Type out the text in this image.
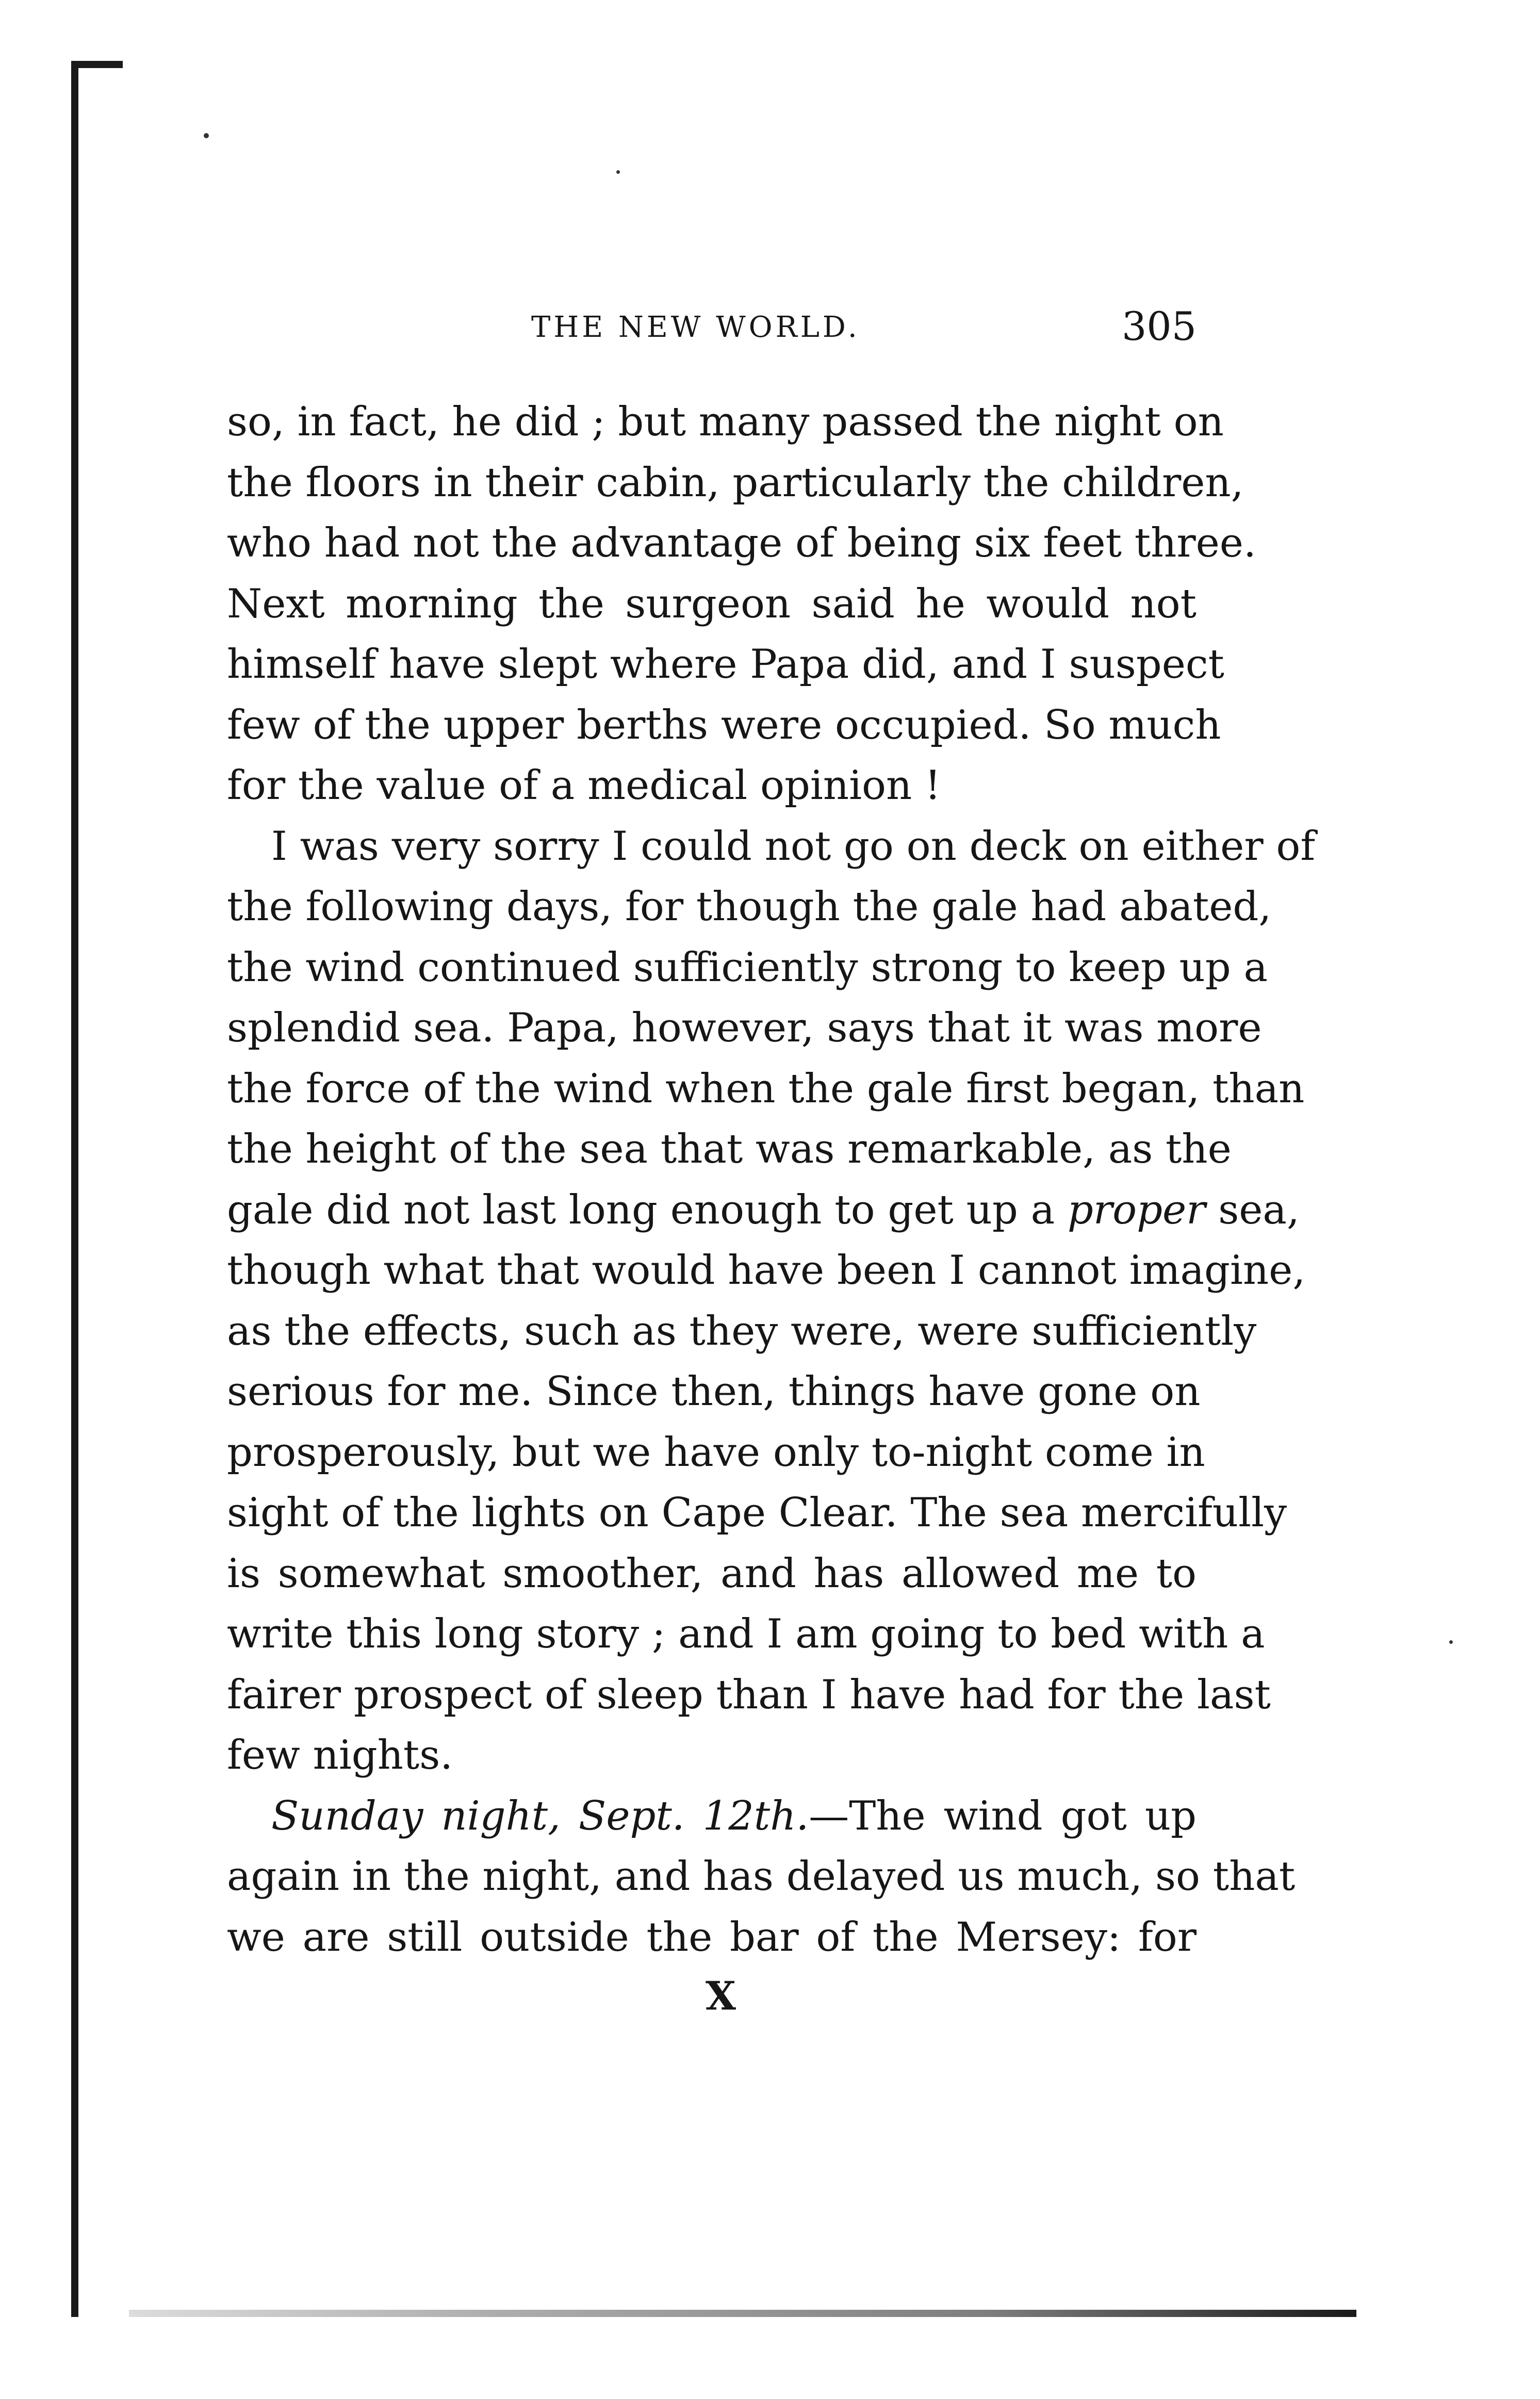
THE NEW WORLD.	305
so, in fact, he did ; but many passed the night on
the floors in their cabin, particularly the children,
who had not the advantage of being six feet three.
Next morning the surgeon said he would not
himself have slept where Papa did, and I suspect
few of the upper berths were occupied. So much
for the value of a medical opinion !
I was very sorry I could not go on deck on either of
the following days, for though the gale had abated,
the wind continued sufficiently strong to keep up a
splendid sea. Papa, however, says that it was more
the force of the wind when the gale first began, than
the height of the sea that was remarkable, as the
gale did not last long enough to get up a proper sea,
though what that would have been I cannot imagine,
as the effects, such as they were, were sufficiently
serious for me. Since then, things have gone on
prosperously, but we have only to-night come in
sight of the lights on Cape Clear. The sea mercifully
is somewhat smoother, and has allowed me to
write this long story ; and I am going to bed with a
fairer prospect of sleep than I have had for the last
few nights.
Sunday night, Sept. 12th.—The wind got up
again in the night, and has delayed us much, so that
we are still outside the bar of the Mersey: for
X
